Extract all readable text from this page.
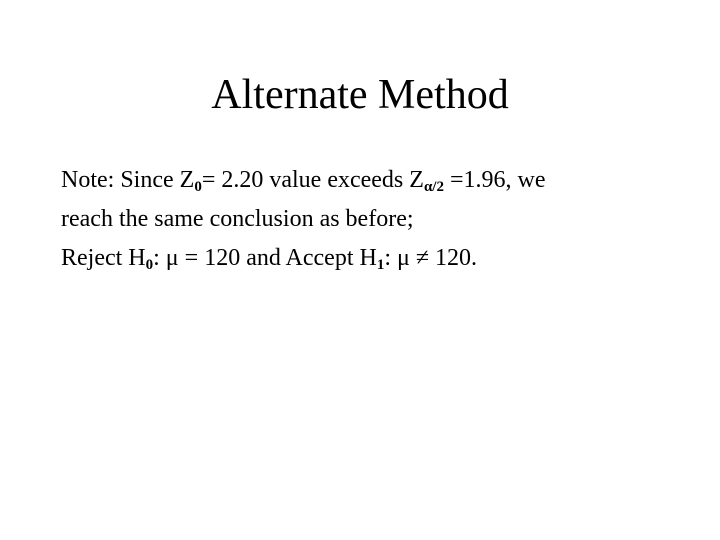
Alternate Method
Note: Since $Z_0= 2.20$ value exceeds $Z_{\alpha/2} =1.96$, we
reach the same conclusion as before;
Reject $H_0$: μ = 120 and Accept $H_1$: μ ≠ 120.
